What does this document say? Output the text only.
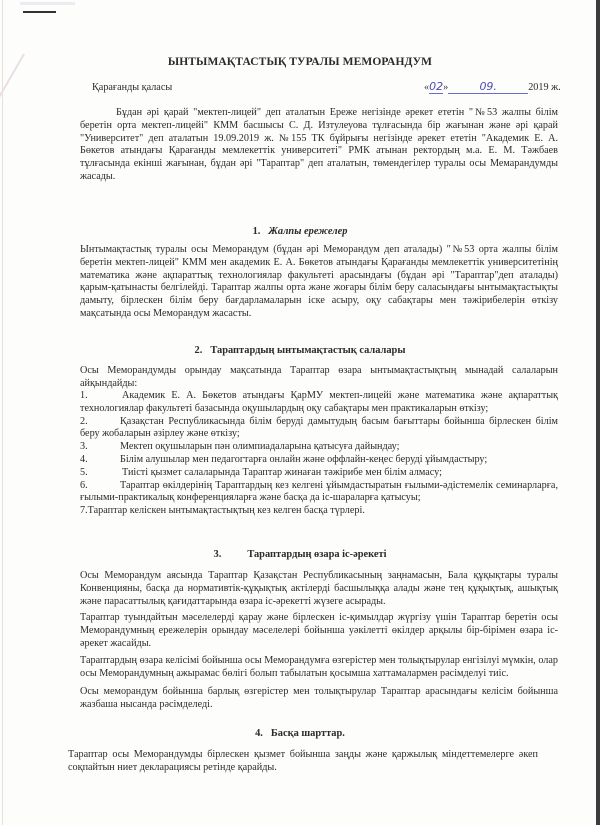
ЫНТЫМАҚТАСТЫҚ ТУРАЛЫ МЕМОРАНДУМ
Қарағанды қаласы	«02»	09.	2019 ж.
Бұдан әрі қарай "мектеп-лицей" деп аталатын Ереже негізінде әрекет ететін "№53 жалпы білім беретін орта мектеп-лицейі" КММ басшысы С. Д. Изтулеуова тұлғасында бір жағынан және әрі қарай "Университет" деп аталатын 19.09.2019 ж. №155 ТК бұйрығы негізінде әрекет ететін "Академик Е. А. Бөкетов атындағы Қарағанды мемлекеттік университеті" РМК атынан ректордың м.а. Е. М. Тәжбаев тұлғасында екінші жағынан, бұдан әрі "Тараптар" деп аталатын, төмендегілер туралы осы Мемарандумды жасады.
1. Жалпы ережелер
Ынтымақтастық туралы осы Меморандум (бұдан әрі Меморандум деп аталады) "№53 орта жалпы білім беретін мектеп-лицей" КММ мен академик Е. А. Бөкетов атындағы Қарағанды мемлекеттік университетінің математика және ақпараттық технологиялар факультеті арасындағы (бұдан әрі "Тараптар"деп аталады) қарым-қатынасты белгілейді. Тараптар жалпы орта және жоғары білім беру саласындағы ынтымақтастықты дамыту, бірлескен білім беру бағдарламаларын іске асыру, оқу сабақтары мен тәжірибелерін өткізу мақсатында осы Меморандум жасасты.
2. Тараптардың ынтымақтастық салалары
Осы Меморандумды орындау мақсатында Тараптар өзара ынтымақтастықтың мынадай салаларын айқындайды:
1.	Академик Е. А. Бөкетов атындағы ҚарМУ мектеп-лицейі және математика және ақпараттық технологиялар факультеті базасында оқушылардың оқу сабақтары мен практикаларын өткізу;
2.	Қазақстан Республикасында білім беруді дамытудың басым бағыттары бойынша бірлескен білім беру жобаларын әзірлеу және өткізу;
3.	Мектеп оқушыларын пән олимпиадаларына қатысуға дайындау;
4.	Білім алушылар мен педагогтарға онлайн және оффлайн-кеңес беруді ұйымдастыру;
5.	Тиісті қызмет салаларында Тараптар жинаған тәжірибе мен білім алмасу;
6.	Тараптар өкілдерінің Тараптардың кез келгені ұйымдастыратын ғылыми-әдістемелік семинарларға, ғылыми-практикалық конференцияларға және басқа да іс-шараларға қатысуы;
7.Тараптар келіскен ынтымақтастықтың кез келген басқа түрлері.
3.	Тараптардың өзара іс-әрекеті
Осы Меморандум аясында Тараптар Қазақстан Республикасының заңнамасын, Бала құқықтары туралы Конвенцияны, басқа да нормативтік-құқықтық актілерді басшылыққа алады және тең құқықтық, ашықтық және парасаттылық қағидаттарында өзара іс-әрекетті жүзеге асырады.
Тараптар туындайтын мәселелерді қарау және бірлескен іс-қимылдар жүргізу үшін Тараптар беретін осы Меморандумның ережелерін орындау мәселелері бойынша уәкілетті өкілдер арқылы бір-бірімен өзара іс-әрекет жасайды.
Тараптардың өзара келісімі бойынша осы Меморандумға өзгерістер мен толықтырулар енгізілуі мүмкін, олар осы Меморандумның ажырамас бөлігі болып табылатын қосымша хаттамалармен рәсімделуі тиіс.
Осы меморандум бойынша барлық өзгерістер мен толықтырулар Тараптар арасындағы келісім бойынша жазбаша нысанда рәсімделеді.
4. Басқа шарттар.
Тараптар осы Меморандумды бірлескен қызмет бойынша заңды және қаржылық міндеттемелерге әкеп соқпайтын ниет декларациясы ретінде қарайды.
